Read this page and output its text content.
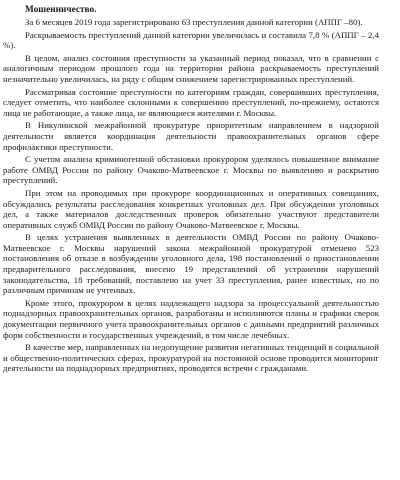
Мошенничество.

За 6 месяцев 2019 года зарегистрировано 63 преступления данной категории (АППГ –80).

Раскрываемость преступлений данной категории увеличилась и составила 7,8 % (АППГ – 2,4 %).

В целом, анализ состояния преступности за указанный период показал, что в сравнении с аналогичным периодом прошлого года на территории района раскрываемость преступлений незначительно увеличилась, на ряду с общим снижением зарегистрированных преступлений.

Рассматривая состояние преступности по категориям граждан, совершивших преступления, следует отметить, что наиболее склонными к совершению преступлений, по-прежнему, остаются лица не работающие, а также лица, не являющиеся жителями г. Москвы.

В Никулинской межрайонной прокуратуре приоритетным направлением в надзорной деятельности является координация деятельности правоохранительных органов сфере профилактики преступности.

С учетом анализа криминогенной обстановки прокурором уделялось повышенное внимание работе ОМВД России по району Очаково-Матвеевское г. Москвы по выявлению и раскрытию преступлений.

При этом на проводимых при прокуроре координационных и оперативных совещаниях, обсуждались результаты расследования конкретных уголовных дел. При обсуждении уголовных дел, а также материалов доследственных проверок обязательно участвуют представители оперативных служб ОМВД России по району Очаково-Матвеевское г. Москвы.

В целях устранения выявленных в деятельности ОМВД России по району Очаково-Матвеевское г. Москвы нарушений закона межрайонной прокуратурой отменено 523 постановления об отказе в возбуждении уголовного дела, 198 постановлений о приостановлении предварительного расследования, внесено 19 представлений об устранении нарушений законодательства, 18 требований, поставлено на учет 33 преступления, ранее известных, но по различным причинам не учтенных.

Кроме этого, прокурором в целях надлежащего надзора за процессуальной деятельностью поднадзорных правоохранительных органов, разработаны и исполняются планы и графики сверок документации первичного учета правоохранительных органов с данными предприятий различных форм собственности и государственных учреждений, в том числе лечебных.

В качестве мер, направленных на недопущение развития негативных тенденций в социальной и общественно-политических сферах, прокуратурой на постоянной основе проводится мониторинг деятельности на поднадзорных предприятиях, проводятся встречи с гражданами.
